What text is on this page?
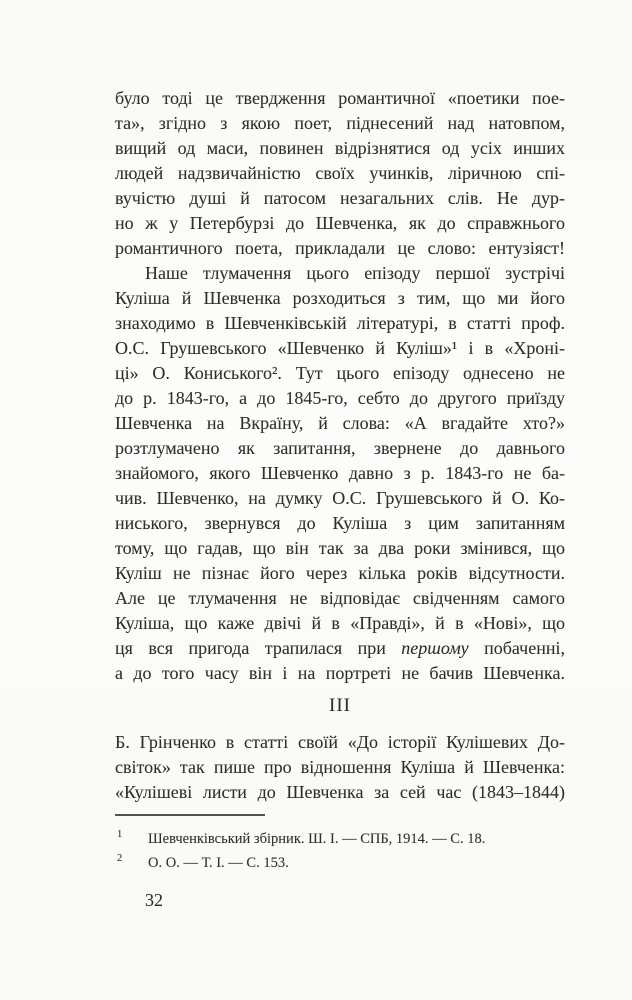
було тоді це твердження романтичної «поетики пое-
та», згідно з якою поет, піднесений над натовпом,
вищий од маси, повинен відрізнятися од усіх инших
людей надзвичайністю своїх учинків, ліричною спі-
вучістю душі й патосом незагальних слів. Не дур-
но ж у Петербурзі до Шевченка, як до справжнього
романтичного поета, прикладали це слово: ентузіяст!

Наше тлумачення цього епізоду першої зустрічі
Куліша й Шевченка розходиться з тим, що ми його
знаходимо в Шевченківській літературі, в статті проф.
О.С. Грушевського «Шевченко й Куліш»¹ і в «Хроні-
ці» О. Кониського². Тут цього епізоду однесено не
до р. 1843-го, а до 1845-го, себто до другого приїзду
Шевченка на Вкраїну, й слова: «А вгадайте хто?»
розтлумачено як запитання, звернене до давнього
знайомого, якого Шевченко давно з р. 1843-го не ба-
чив. Шевченко, на думку О.С. Грушевського й О. Ко-
ниського, звернувся до Куліша з цим запитанням
тому, що гадав, що він так за два роки змінився, що
Куліш не пізнає його через кілька років відсутности.
Але це тлумачення не відповідає свідченням самого
Куліша, що каже двічі й в «Правді», й в «Нові», що
ця вся пригода трапилася при першому побаченні,
а до того часу він і на портреті не бачив Шевченка.

III

Б. Грінченко в статті своїй «До історії Кулішевих До-
світок» так пише про відношення Куліша й Шевченка:
«Кулішеві листи до Шевченка за сей час (1843–1844)

1 Шевченківський збірник. Ш. І. — СПБ, 1914. — С. 18.
2 О. О. — Т. І. — С. 153.
32
